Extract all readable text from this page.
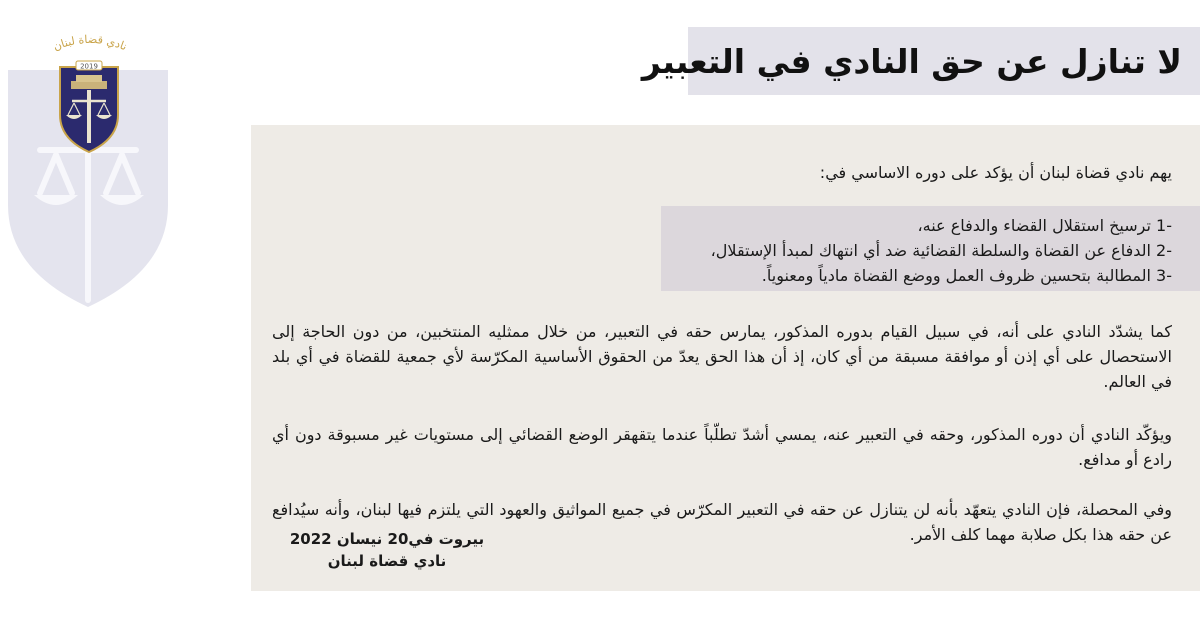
2019
نادي قضاة لبنان	لا تنازل عن حق النادي في التعبير
يهم نادي قضاة لبنان أن يؤكد على دوره الاساسي في:
-1 ترسيخ استقلال القضاء والدفاع عنه،
-2 الدفاع عن القضاة والسلطة القضائية ضد أي انتهاك لمبدأ الإستقلال،
-3 المطالبة بتحسين ظروف العمل ووضع القضاة مادياً ومعنوياً.

كما يشدّد النادي على أنه، في سبيل القيام بدوره المذكور، يمارس حقه في التعبير، من خلال ممثليه المنتخبين، من دون الحاجة إلى الاستحصال على أي إذن أو موافقة مسبقة من أي كان، إذ أن هذا الحق يعدّ من الحقوق الأساسية المكرّسة لأي جمعية للقضاة في أي بلد في العالم.

ويؤكّد النادي أن دوره المذكور، وحقه في التعبير عنه، يمسي أشدّ تطلّباً عندما يتقهقر الوضع القضائي إلى مستويات غير مسبوقة دون أي رادع أو مدافع.

وفي المحصلة، فإن النادي يتعهّد بأنه لن يتنازل عن حقه في التعبير المكرّس في جميع المواثيق والعهود التي يلتزم فيها لبنان، وأنه سيُدافع عن حقه هذا بكل صلابة مهما كلف الأمر.

بيروت في20 نيسان 2022
نادي قضاة لبنان
